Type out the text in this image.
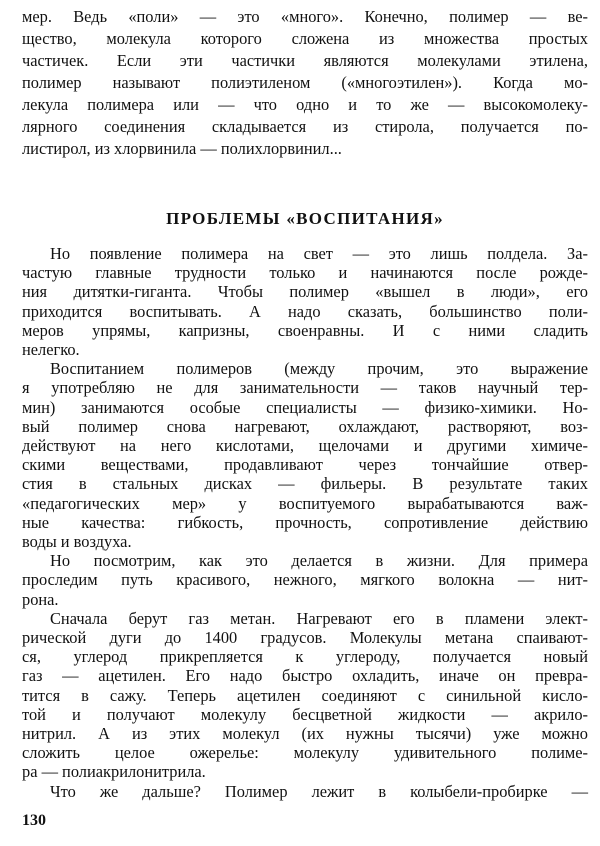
мер. Ведь «поли» — это «много». Конечно, полимер — ве-
щество, молекула которого сложена из множества простых
частичек. Если эти частички являются молекулами этилена,
полимер называют полиэтиленом («многоэтилен»). Когда мо-
лекула полимера или — что одно и то же — высокомолеку-
лярного соединения складывается из стирола, получается по-
листирол, из хлорвинила — полихлорвинил...
ПРОБЛЕМЫ «ВОСПИТАНИЯ»
Но появление полимера на свет — это лишь полдела. За-
частую главные трудности только и начинаются после рожде-
ния дитятки-гиганта. Чтобы полимер «вышел в люди», его
приходится воспитывать. А надо сказать, большинство поли-
меров упрямы, капризны, своенравны. И с ними сладить
нелегко.
Воспитанием полимеров (между прочим, это выражение
я употребляю не для занимательности — таков научный тер-
мин) занимаются особые специалисты — физико-химики. Но-
вый полимер снова нагревают, охлаждают, растворяют, воз-
действуют на него кислотами, щелочами и другими химиче-
скими веществами, продавливают через тончайшие отвер-
стия в стальных дисках — фильеры. В результате таких
«педагогических мер» у воспитуемого вырабатываются важ-
ные качества: гибкость, прочность, сопротивление действию
воды и воздуха.
Но посмотрим, как это делается в жизни. Для примера
проследим путь красивого, нежного, мягкого волокна — нит-
рона.
Сначала берут газ метан. Нагревают его в пламени элект-
рической дуги до 1400 градусов. Молекулы метана спаивают-
ся, углерод прикрепляется к углероду, получается новый
газ — ацетилен. Его надо быстро охладить, иначе он превра-
тится в сажу. Теперь ацетилен соединяют с синильной кисло-
той и получают молекулу бесцветной жидкости — акрило-
нитрил. А из этих молекул (их нужны тысячи) уже можно
сложить целое ожерелье: молекулу удивительного полиме-
ра — полиакрилонитрила.
Что же дальше? Полимер лежит в колыбели-пробирке —
130
